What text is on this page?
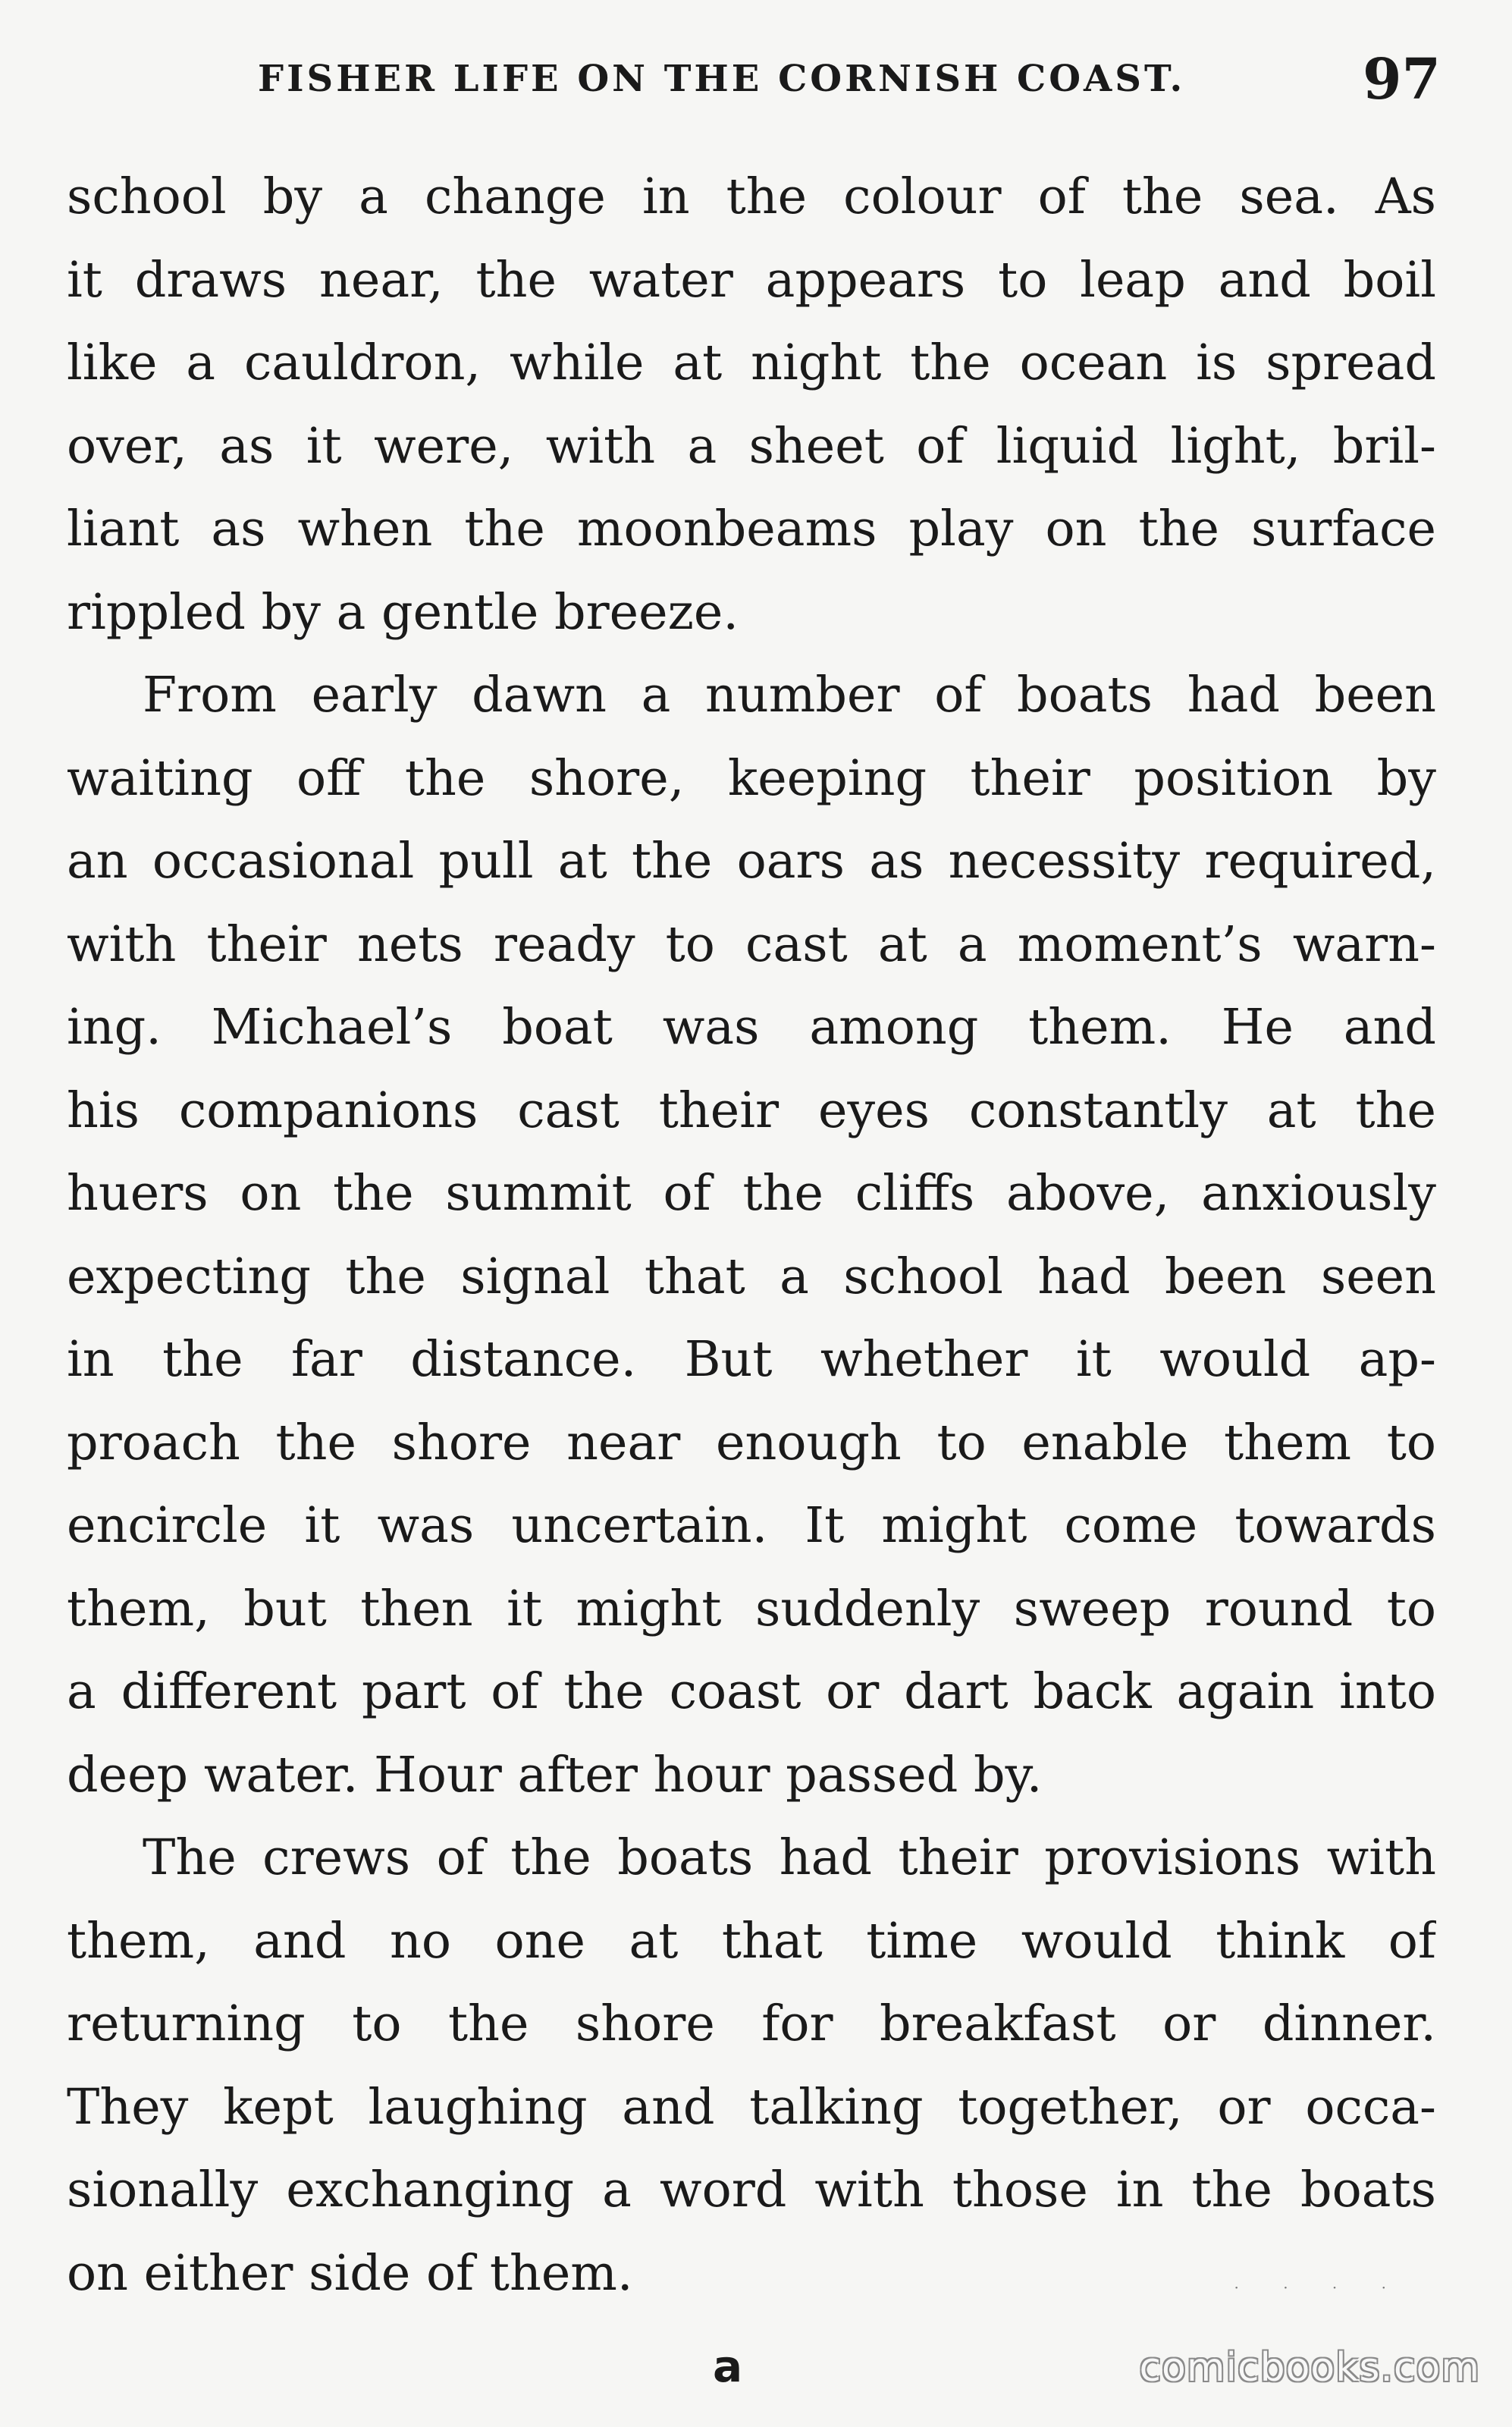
FISHER LIFE ON THE CORNISH COAST.	97
school by a change in the colour of the sea. As
it draws near, the water appears to leap and boil
like a cauldron, while at night the ocean is spread
over, as it were, with a sheet of liquid light, bril-
liant as when the moonbeams play on the surface
rippled by a gentle breeze.
From early dawn a number of boats had been
waiting off the shore, keeping their position by
an occasional pull at the oars as necessity required,
with their nets ready to cast at a moment’s warn-
ing. Michael’s boat was among them. He and
his companions cast their eyes constantly at the
huers on the summit of the cliffs above, anxiously
expecting the signal that a school had been seen
in the far distance. But whether it would ap-
proach the shore near enough to enable them to
encircle it was uncertain. It might come towards
them, but then it might suddenly sweep round to
a different part of the coast or dart back again into
deep water. Hour after hour passed by.
The crews of the boats had their provisions with
them, and no one at that time would think of
returning to the shore for breakfast or dinner.
They kept laughing and talking together, or occa-
sionally exchanging a word with those in the boats
on either side of them.	· · · ·
a	comicbooks.com
